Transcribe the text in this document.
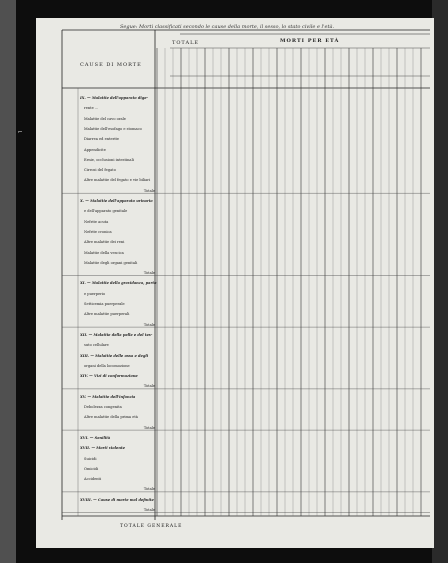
⌐
Segue: Morti classificati secondo le cause della morte, il sesso, lo stato civile e l'età.
CAUSE DI MORTE
TOTALE	MORTI PER ETÀ
IX. — Malattie dell'apparato dige-
rente ...
Malattie del cavo orale
Malattie dell'esofago e stomaco
Diarrea ed enterite
Appendicite
Ernie, occlusioni intestinali
Cirrosi del fegato
Altre malattie del fegato e vie biliari
Totale
X. — Malattie dell'apparato urinario
e dell'apparato genitale
Nefrite acuta
Nefrite cronica
Altre malattie dei reni
Malattie della vescica
Malattie degli organi genitali
Totale
XI. — Malattie della gravidanza, parto
e puerperio
Setticemia puerperale
Altre malattie puerperali
Totale
XII. — Malattie della pelle e del tes-
suto cellulare
XIII. — Malattie delle ossa e degli
organi della locomozione
XIV. — Vizi di conformazione
Totale
XV. — Malattie dell'infanzia
Debolezza congenita
Altre malattie della prima età
Totale
XVI. — Senilità
XVII. — Morti violente
Suicidi
Omicidi
Accidenti
Totale
XVIII. — Cause di morte mal definite
Totale
TOTALE GENERALE
